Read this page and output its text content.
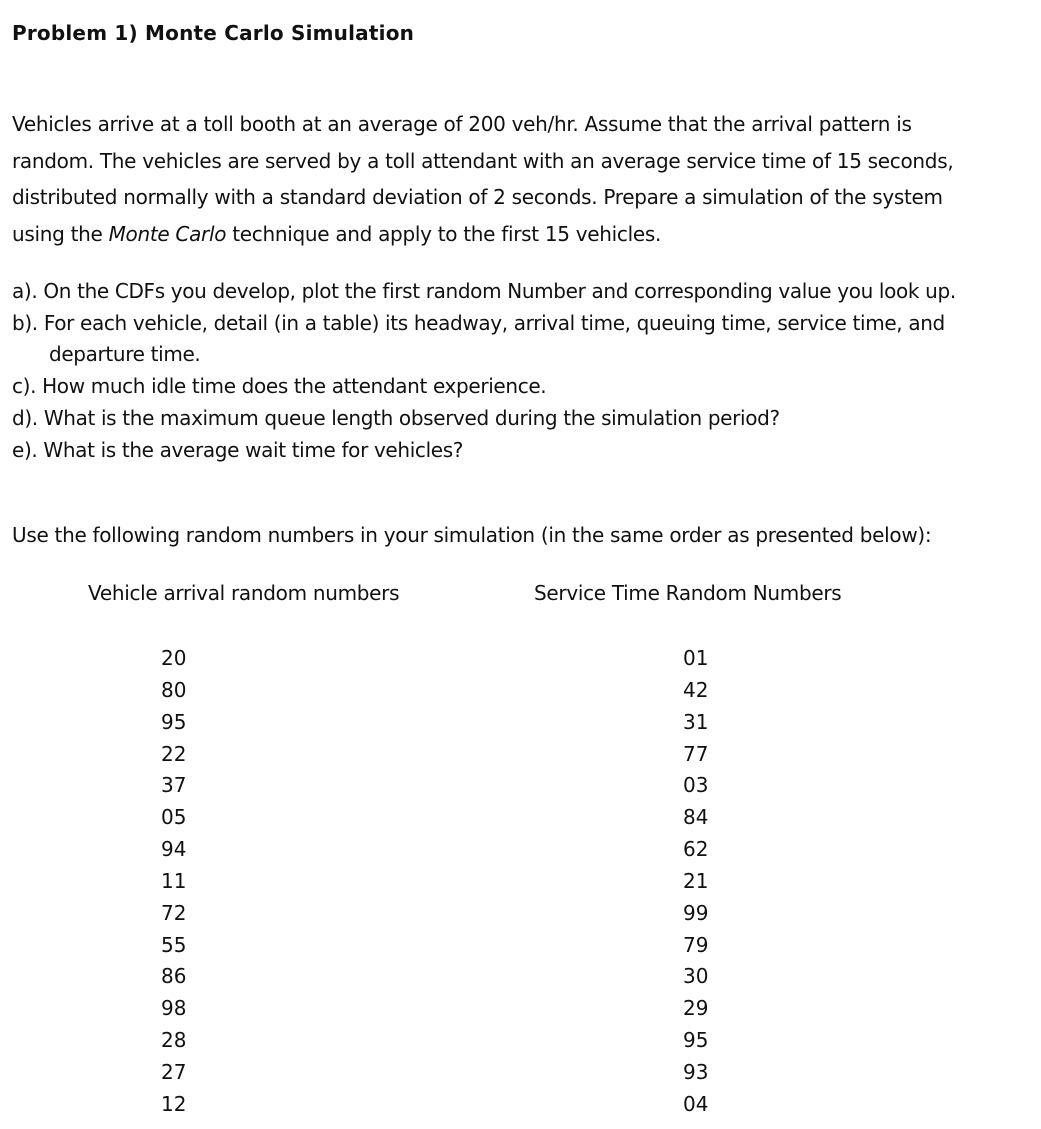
Problem 1) Monte Carlo Simulation
Vehicles arrive at a toll booth at an average of 200 veh/hr. Assume that the arrival pattern is
random. The vehicles are served by a toll attendant with an average service time of 15 seconds,
distributed normally with a standard deviation of 2 seconds. Prepare a simulation of the system
using the Monte Carlo technique and apply to the first 15 vehicles.
a). On the CDFs you develop, plot the first random Number and corresponding value you look up.
b). For each vehicle, detail (in a table) its headway, arrival time, queuing time, service time, and
departure time.
c). How much idle time does the attendant experience.
d). What is the maximum queue length observed during the simulation period?
e). What is the average wait time for vehicles?
Use the following random numbers in your simulation (in the same order as presented below):
Vehicle arrival random numbers	Service Time Random Numbers
20
80
95
22
37
05
94
11
72
55
86
98
28
27
12
01
42
31
77
03
84
62
21
99
79
30
29
95
93
04
